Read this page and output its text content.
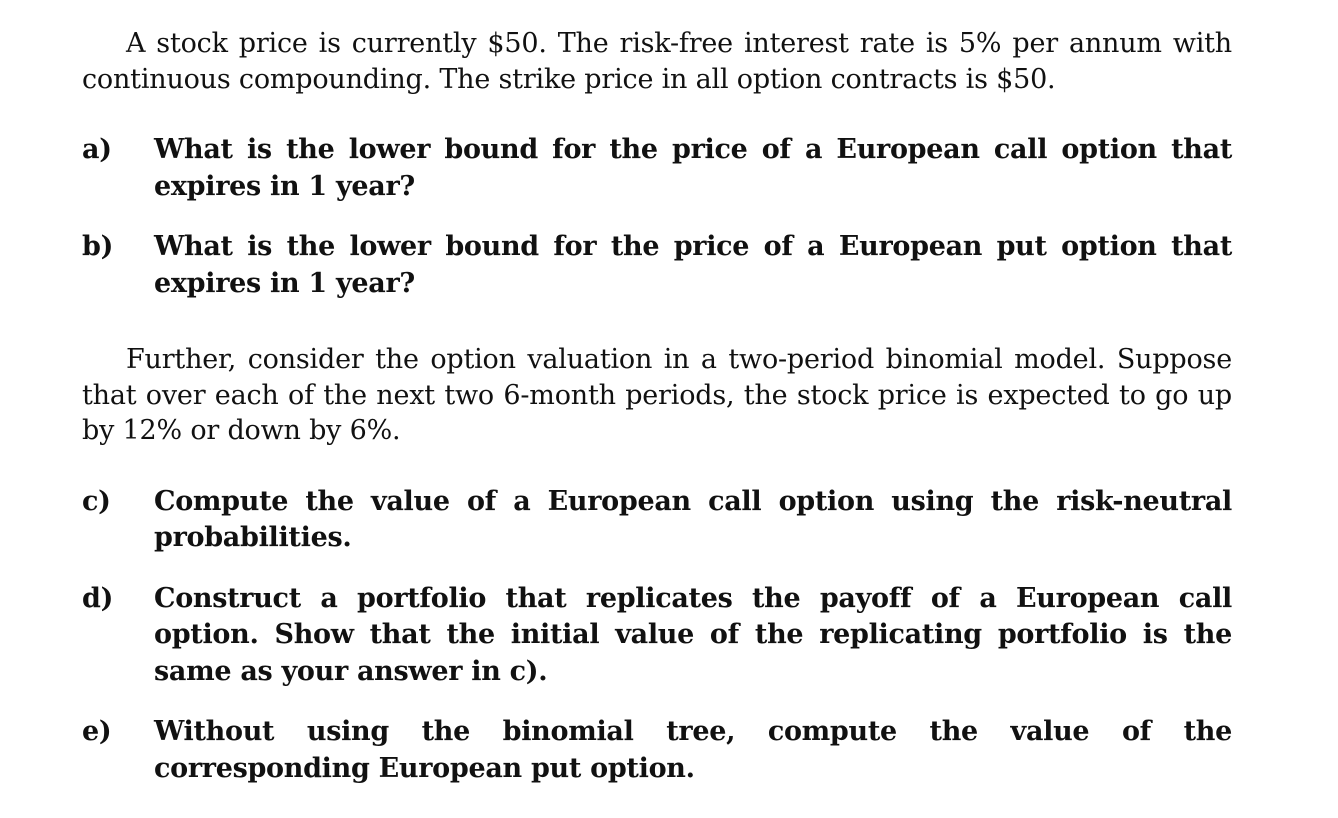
A stock price is currently $50. The risk-free interest rate is 5% per annum with continuous compounding. The strike price in all option contracts is $50.

a)	What is the lower bound for the price of a European call option that expires in 1 year?
b)	What is the lower bound for the price of a European put option that expires in 1 year?

Further, consider the option valuation in a two-period binomial model. Suppose that over each of the next two 6-month periods, the stock price is expected to go up by 12% or down by 6%.

c)	Compute the value of a European call option using the risk-neutral probabilities.
d)	Construct a portfolio that replicates the payoff of a European call option. Show that the initial value of the replicating portfolio is the same as your answer in c).
e)	Without using the binomial tree, compute the value of the corresponding European put option.
